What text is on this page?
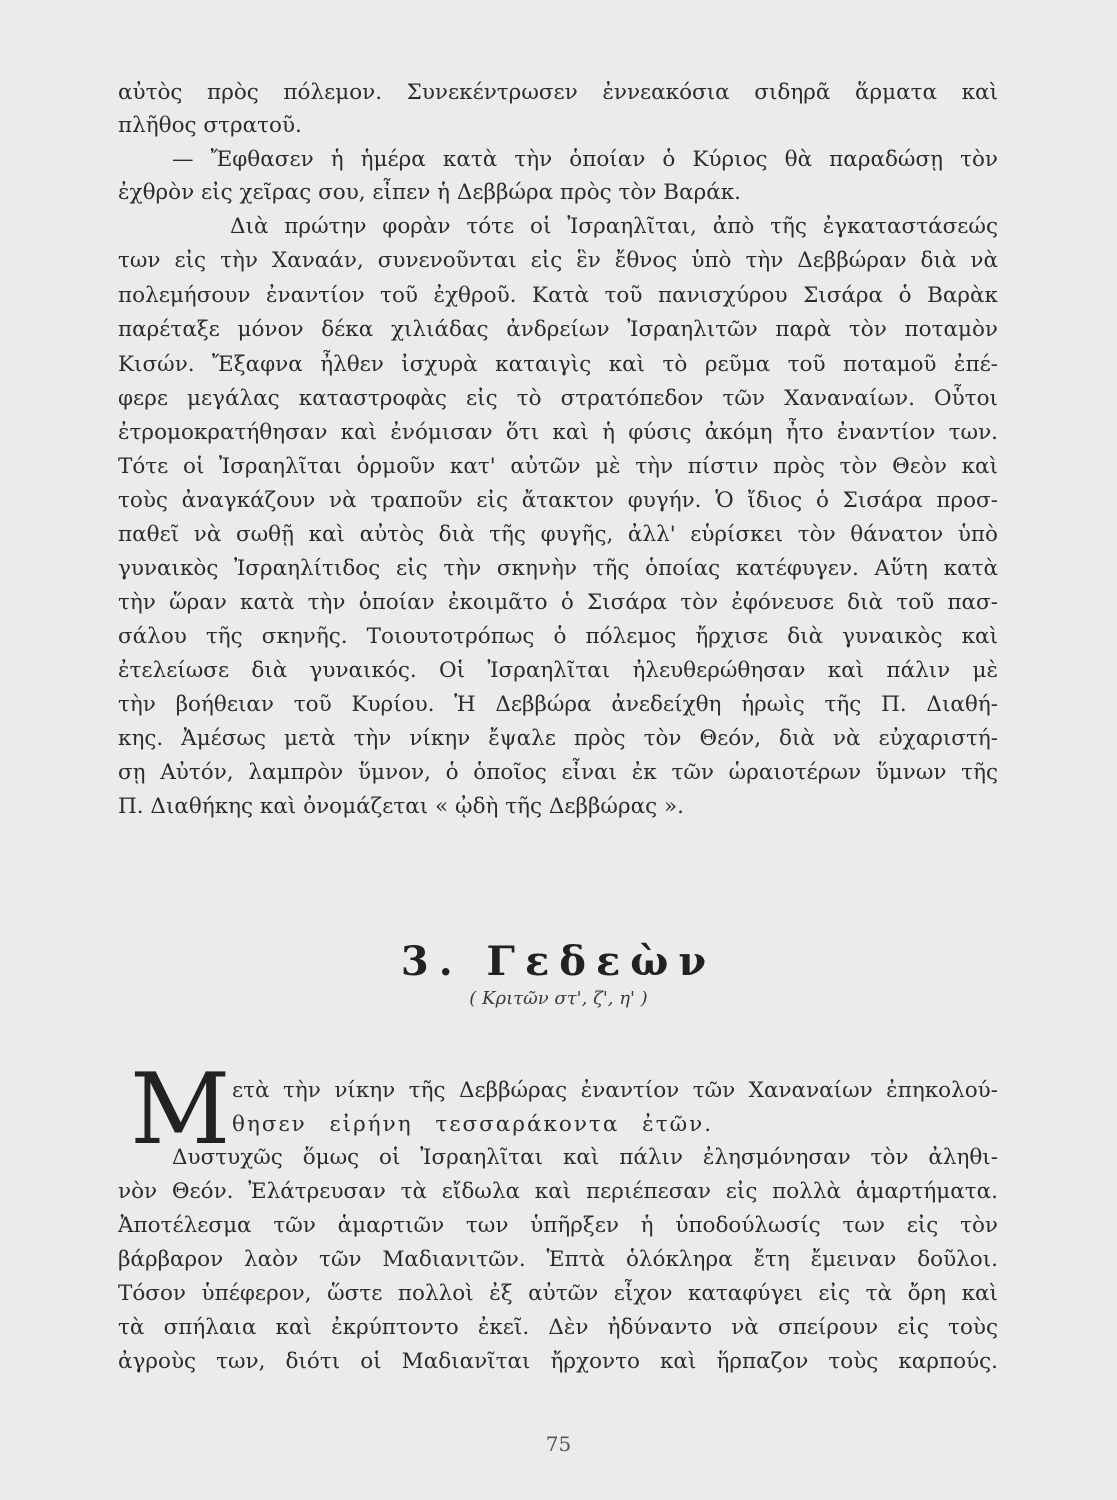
αὐτὸς πρὸς πόλεμον. Συνεκέντρωσεν ἐννεακόσια σιδηρᾶ ἅρματα καὶ
πλῆθος στρατοῦ.
— Ἔφθασεν ἡ ἡμέρα κατὰ τὴν ὁποίαν ὁ Κύριος θὰ παραδώσῃ τὸν
ἐχθρὸν εἰς χεῖρας σου, εἶπεν ἡ Δεββώρα πρὸς τὸν Βαράκ.
Διὰ πρώτην φορὰν τότε οἱ Ἰσραηλῖται, ἀπὸ τῆς ἐγκαταστάσεώς
των εἰς τὴν Χαναάν, συνενοῦνται εἰς ἓν ἔθνος ὑπὸ τὴν Δεββώραν διὰ νὰ
πολεμήσουν ἐναντίον τοῦ ἐχθροῦ. Κατὰ τοῦ πανισχύρου Σισάρα ὁ Βαρὰκ
παρέταξε μόνον δέκα χιλιάδας ἀνδρείων Ἰσραηλιτῶν παρὰ τὸν ποταμὸν
Κισών. Ἔξαφνα ἦλθεν ἰσχυρὰ καταιγὶς καὶ τὸ ρεῦμα τοῦ ποταμοῦ ἐπέ-
φερε μεγάλας καταστροφὰς εἰς τὸ στρατόπεδον τῶν Χαναναίων. Οὗτοι
ἐτρομοκρατήθησαν καὶ ἐνόμισαν ὅτι καὶ ἡ φύσις ἀκόμη ἦτο ἐναντίον των.
Τότε οἱ Ἰσραηλῖται ὁρμοῦν κατ' αὐτῶν μὲ τὴν πίστιν πρὸς τὸν Θεὸν καὶ
τοὺς ἀναγκάζουν νὰ τραποῦν εἰς ἄτακτον φυγήν. Ὁ ἴδιος ὁ Σισάρα προσ-
παθεῖ νὰ σωθῇ καὶ αὐτὸς διὰ τῆς φυγῆς, ἀλλ' εὑρίσκει τὸν θάνατον ὑπὸ
γυναικὸς Ἰσραηλίτιδος εἰς τὴν σκηνὴν τῆς ὁποίας κατέφυγεν. Αὕτη κατὰ
τὴν ὥραν κατὰ τὴν ὁποίαν ἐκοιμᾶτο ὁ Σισάρα τὸν ἐφόνευσε διὰ τοῦ πασ-
σάλου τῆς σκηνῆς. Τοιουτοτρόπως ὁ πόλεμος ἤρχισε διὰ γυναικὸς καὶ
ἐτελείωσε διὰ γυναικός. Οἱ Ἰσραηλῖται ἠλευθερώθησαν καὶ πάλιν μὲ
τὴν βοήθειαν τοῦ Κυρίου. Ἡ Δεββώρα ἀνεδείχθη ἡρωὶς τῆς Π. Διαθή-
κης. Ἀμέσως μετὰ τὴν νίκην ἔψαλε πρὸς τὸν Θεόν, διὰ νὰ εὐχαριστή-
σῃ Αὐτόν, λαμπρὸν ὕμνον, ὁ ὁποῖος εἶναι ἐκ τῶν ὡραιοτέρων ὕμνων τῆς
Π. Διαθήκης καὶ ὀνομάζεται « ᾠδὴ τῆς Δεββώρας ».
3. Γεδεὼν
( Κριτῶν στ', ζ', η' )
Μ ετὰ τὴν νίκην τῆς Δεββώρας ἐναντίον τῶν Χαναναίων ἐπηκολού-
θησεν εἰρήνη τεσσαράκοντα ἐτῶν.
Δυστυχῶς ὅμως οἱ Ἰσραηλῖται καὶ πάλιν ἐλησμόνησαν τὸν ἀληθι-
νὸν Θεόν. Ἐλάτρευσαν τὰ εἴδωλα καὶ περιέπεσαν εἰς πολλὰ ἁμαρτήματα.
Ἀποτέλεσμα τῶν ἁμαρτιῶν των ὑπῆρξεν ἡ ὑποδούλωσίς των εἰς τὸν
βάρβαρον λαὸν τῶν Μαδιανιτῶν. Ἑπτὰ ὁλόκληρα ἔτη ἔμειναν δοῦλοι.
Τόσον ὑπέφερον, ὥστε πολλοὶ ἐξ αὐτῶν εἶχον καταφύγει εἰς τὰ ὄρη καὶ
τὰ σπήλαια καὶ ἐκρύπτοντο ἐκεῖ. Δὲν ἠδύναντο νὰ σπείρουν εἰς τοὺς
ἀγροὺς των, διότι οἱ Μαδιανῖται ἤρχοντο καὶ ἥρπαζον τοὺς καρπούς.
75
